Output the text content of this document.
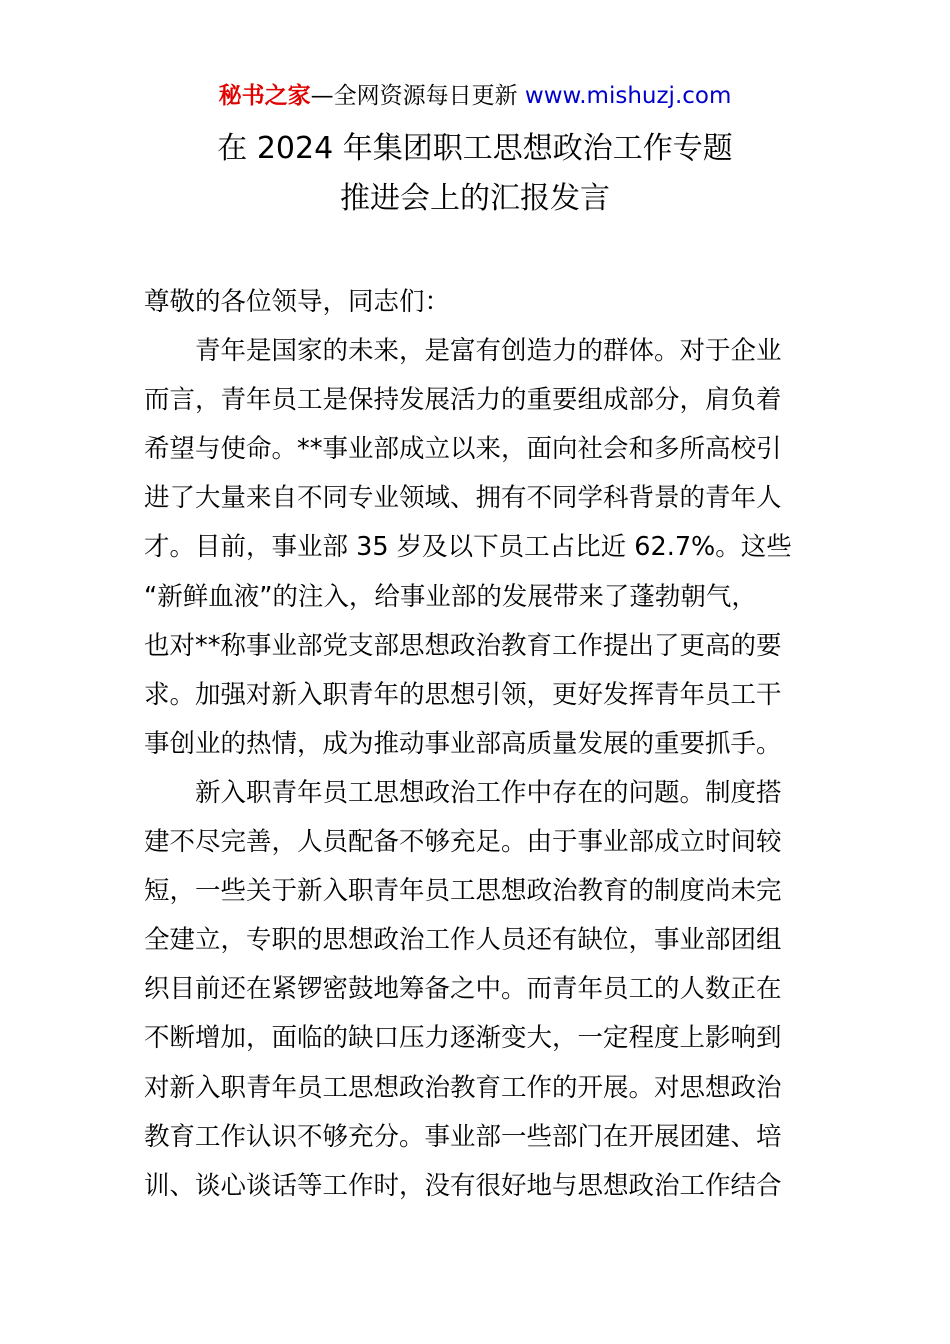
秘书之家—全网资源每日更新 www.mishuzj.com
在 2024 年集团职工思想政治工作专题
推进会上的汇报发言
尊敬的各位领导，同志们：
青年是国家的未来，是富有创造力的群体。对于企业
而言，青年员工是保持发展活力的重要组成部分，肩负着
希望与使命。**事业部成立以来，面向社会和多所高校引
进了大量来自不同专业领域、拥有不同学科背景的青年人
才。目前，事业部 35 岁及以下员工占比近 62.7%。这些
“新鲜血液”的注入，给事业部的发展带来了蓬勃朝气，
也对**称事业部党支部思想政治教育工作提出了更高的要
求。加强对新入职青年的思想引领，更好发挥青年员工干
事创业的热情，成为推动事业部高质量发展的重要抓手。
新入职青年员工思想政治工作中存在的问题。制度搭
建不尽完善，人员配备不够充足。由于事业部成立时间较
短，一些关于新入职青年员工思想政治教育的制度尚未完
全建立，专职的思想政治工作人员还有缺位，事业部团组
织目前还在紧锣密鼓地筹备之中。而青年员工的人数正在
不断增加，面临的缺口压力逐渐变大，一定程度上影响到
对新入职青年员工思想政治教育工作的开展。对思想政治
教育工作认识不够充分。事业部一些部门在开展团建、培
训、谈心谈话等工作时，没有很好地与思想政治工作结合
